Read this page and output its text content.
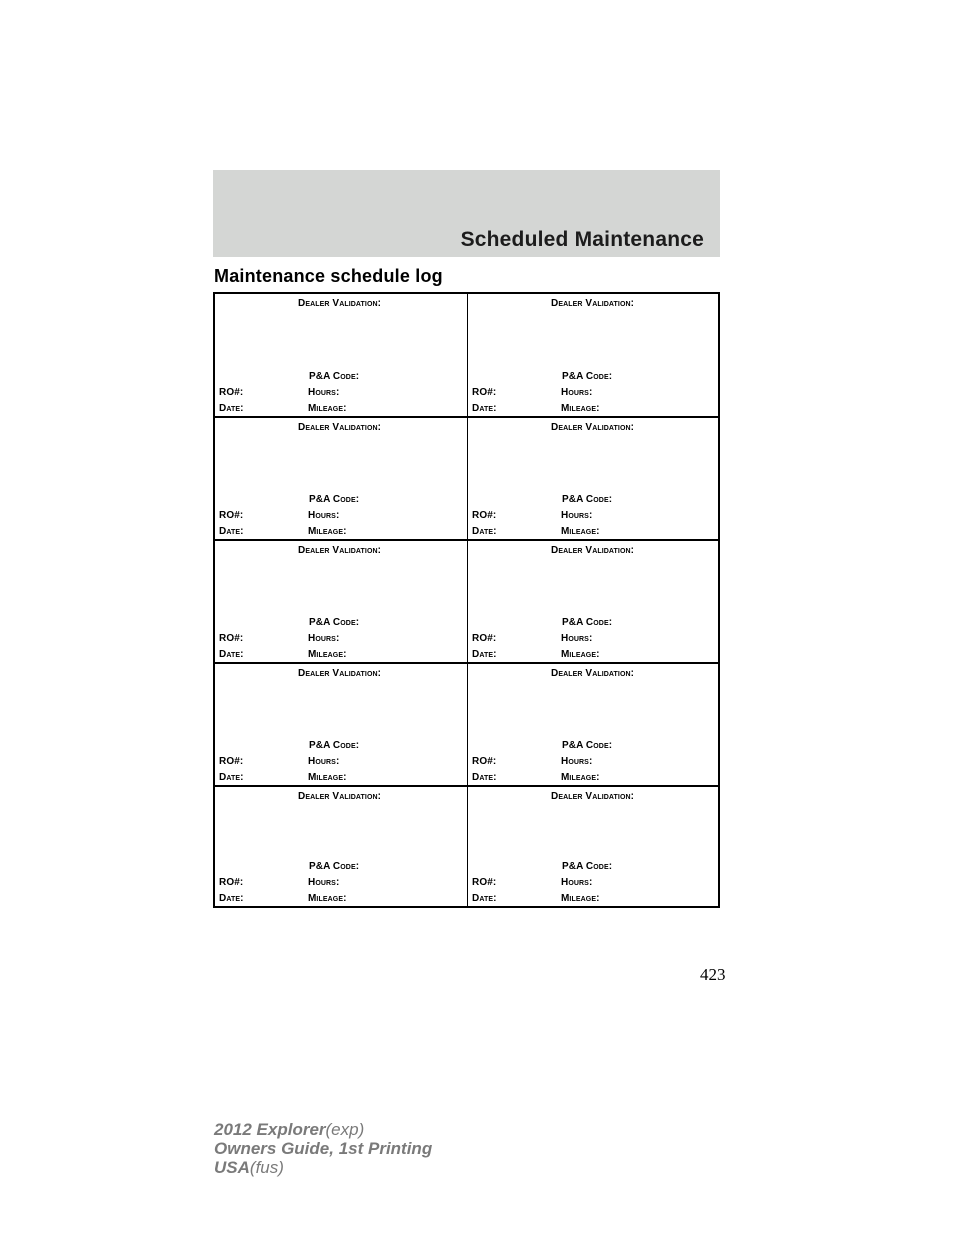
Scheduled Maintenance
Maintenance schedule log
Dealer Validation:
P&A Code:
RO#:	Hours:
Date:	Mileage:
Dealer Validation:
P&A Code:
RO#:	Hours:
Date:	Mileage:
Dealer Validation:
P&A Code:
RO#:	Hours:
Date:	Mileage:
Dealer Validation:
P&A Code:
RO#:	Hours:
Date:	Mileage:
Dealer Validation:
P&A Code:
RO#:	Hours:
Date:	Mileage:
Dealer Validation:
P&A Code:
RO#:	Hours:
Date:	Mileage:
Dealer Validation:
P&A Code:
RO#:	Hours:
Date:	Mileage:
Dealer Validation:
P&A Code:
RO#:	Hours:
Date:	Mileage:
Dealer Validation:
P&A Code:
RO#:	Hours:
Date:	Mileage:
Dealer Validation:
P&A Code:
RO#:	Hours:
Date:	Mileage:
423
2012 Explorer(exp)
Owners Guide, 1st Printing
USA(fus)
